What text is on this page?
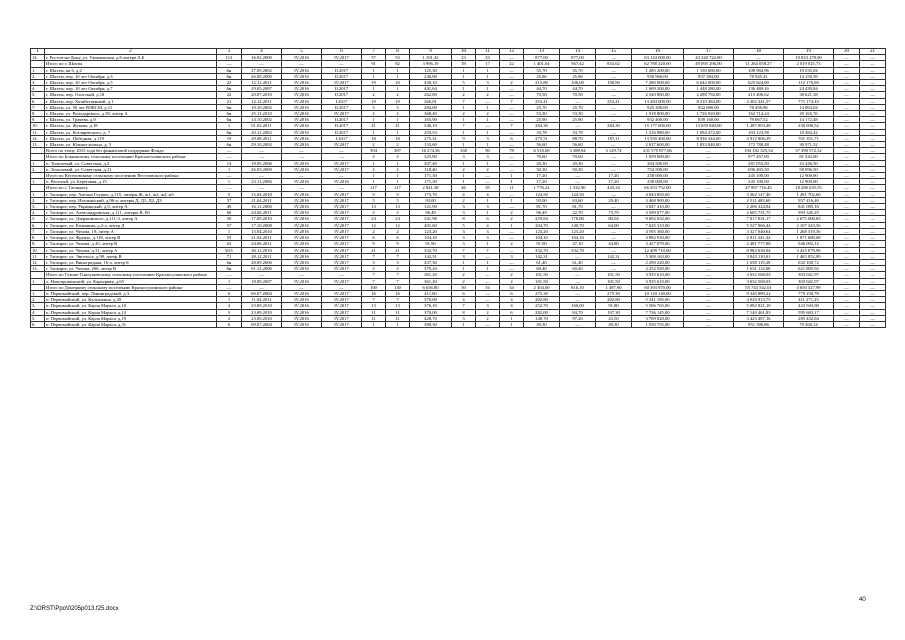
1	2	3	4	5	6	7	8	9	10	11	12	13	14	15	16	17	18	19	20	21
14.	г. Ростов-на-Дону, ул. Ульяновская, д.6 литера А,Б	112	16.02.2000	IV.2016	IV.2017	57	53	1 101,42	23	23	—	877,00	877,00	—	63 144 000,00	43 320 722,00	—	19 823 278,00	—	—
	Итого по г. Шахты	—	—	—	—	91	82	3 996,19	39	17	22	1 401,04	567,42	833,62	62 788 320,00	49 095 296,00	11 264 058,27	2 019 025,73	—	—
1.	г. Шахты, кв 6, д.2	6н	27.09.2002	IV.2016	II.2017	1	1	125,30	1	1	—	35,70	35,70	—	1 285 200,00	1 150 680,00	108 984,96	19 535,04	—	—
2.	г. Шахты, пер. 10 лет Октября, д.3	6н	26.09.2000	IV.2016	II.2017	1	1	246,00	1	1	—	25,86	25,86	—	930 960,00	837 584,00	78 945,41	14 150,59	—	—
3.	г. Шахты, пер. 10 лет Октября, д.5	22	12.12.2011	IV.2016	IV.2017	19	10	430,10	5	3	2	215,80	106,00	108,80	7 280 000,00	6 642 000,00	625 824,00	112 176,00	—	—
4.	г. Шахты, пер. 10 лет Октября, д.7	6н	29.05.2007	IV.2016	II.2017	1	1	441,64	1	1	—	44,70	44,70	—	1 609 200,00	1 448 280,00	136 480,16	24 439,84	—	—
5.	г. Шахты, пер. Охотский, д.18	22	20.07.2010	IV.2016	II.2017	2	2	262,80	2	2	—	70,58	70,58	—	2 540 880,00	2 288 792,00	215 406,62	38 621,38	—	—
6.	г. Шахты, пер. Хозяйственный, д.1	21	12.12.2011	IV.2016	I.2017	19	19	266,01	7	—	7	253,41	—	253,41	13 284 000,00	8 210 484,00	4 302 341,57	771 174,43	—	—
7.	г. Шахты, ул. 50 лет ВЛКСМ, д.11	6н	10.10.2002	IV.2016	II.2017	3	3	284,00	1	1	—	25,70	25,70	—	925 200,00	832 680,00	78 456,96	14 063,04	—	—
8.	г. Шахты, ул. Володарского, д.59, литер А	6н	25.11.2010	IV.2016	IV.2017	2	2	368,40	2	2	—	53,30	53,30	—	1 918 800,00	1 726 920,00	162 714,24	29 165,76	—	—
9.	г. Шахты, ул. Грачева, д.9	6н	14.10.2002	IV.2016	II.2017	1	1	165,90	1	1	—	25,90	25,90	—	932 400,00	839 160,00	79 067,52	14 172,48	—	—
10.	г. Шахты, ул. Жукова, д.18	1	01.02.2011	IV.2016	II.2017	21	21	546,10	7	—	7	284,30	—	284,30	15 177 600,00	13 659 840,00	1 287 003,48	230 696,52	—	—
11.	г. Шахты, ул. Котляревского, д. 7	6н	20.11.2002	IV.2016	II.2017	1	1	259,53	1	1	—	33,78	33,78	—	1 216 080,00	1 094 472,00	103 123,58	18 484,42	—	—
12.	г. Шахты, ул. Победная, д.119	19	29.08.2011	IV.2016	I.2017	18	18	275,31	9	3	6	275,51	88,70	187,11	13 550 400,00	8 936 344,00	3 912 806,29	701 351,71	—	—
13.	г. Шахты, ул. Южное кольцо, д. 3	6н	29.10.2002	IV.2016	IV.2017	2	2	133,60	1	1	—	56,60	56,60	—	2 037 600,00	1 833 840,00	172 788,48	30 971,52	—	—
	Всего по этапу 2015 года без финансовой поддержки Фонда	—	—	—	—	394	387	16 274,36	168	90	78	6 518,68	3 388,94	3 129,74	231 575 877,86	—	194 182 325,54	37 390 572,32	—	—
	Итого по Бокковскому сельскому поселению Красносулинского района	—	—	—	—	3	3	325,80	3	3	—	70,60	70,60	—	1 059 000,00	—	977 457,00	81 543,00	—	—
1.	п. Тополевый, ул. Советская, д.2	14	18.05.2006	IV.2016	IV.2017	1	1	207,40	1	1	—	20,30	20,30	—	304 500,00	—	281 053,50	23 446,50	—	—
2.	п. Тополевый, ул. Советская, д.21	1	26.03.2009	IV.2016	IV.2017	2	2	118,40	2	2	—	50,30	50,30	—	754 500,00	—	696 403,50	58 096,50	—	—
	Итого по Веселовскому сельскому поселению Веселовского района	—	—	—	—	1	1	171,30	1	—	1	17,20	—	17,20	258 000,00	—	245 100,00	12 900,00	—	—
1.	п. Веселый, ул. Береговая, д.15	1	23.11.2006	IV.2016	IV.2016	1	1	171,30	1	—	1	17,20	—	17,20	258 000,00	—	245 100,00	12 900,00	—	—
	Итого по г. Таганрогу	—	—	—	—	117	117	2 841,38	46	35	11	1 776,24	1 332,90	443,34	66 253 752,00	—	47 967 716,45	18 286 035,55	—	—
1.	г. Таганрог, пер. Антона Глушко, д.115, литеры Ж, ж1, ж2, ж4, ж5	5	15.04.2010	IV.2016	IV.2017	9	9	173,70	4	4	—	124,50	124,50	—	4 643 850,00	—	3 362 147,40	1 281 702,60	—	—
2.	г. Таганрог, пер. Итальянский, д.96-а, литеры Д, Д1, Д2, Д3	57	21.04.2011	IV.2016	IV.2017	5	5	93,00	2	1	1	93,00	63,60	29,40	3 468 900,00	—	2 511 483,60	957 416,40	—	—
3.	г. Таганрог, пер. Украинский, д.9, литер А	49	16.11.2000	IV.2016	IV.2017	13	13	121,90	3	3	—	81,70	81,70	—	3 047 410,00	—	2 206 324,84	841 085,16	—	—
4.	г. Таганрог, ул. Александровская, д.111, литеры В, В1	60	24.06.2011	IV.2016	IV.2017	3	3	96,49	3	1	2	96,49	22,70	73,79	3 599 077,00	—	2 605 731,75	993 345,25	—	—
5.	г. Таганрог, ул. Дзержинского, д.111-3, литер А	50	17.09.2010	IV.2016	IV.2017	24	24	341,98	8	6	2	259,84	178,80	80,04	9 692 032,00	—	7 017 031,17	2 675 000,83	—	—
6.	г. Таганрог, ул. Калинина, д.2-а, литер Д	57	17.10.2008	IV.2016	IV.2017	12	12	401,60	5	4	1	204,70	140,70	64,00	7 635 310,00	—	5 527 966,44	2 107 343,56	—	—
7.	г. Таганрог, ул. Чехова, 19, литер А	1	15.04.2010	IV.2016	IV.2017	2	2	123,20	3	3	—	123,20	123,20	—	4 595 360,00	—	3 327 040,64	1 268 319,36	—	—
8.	г. Таганрог, ул. Фрунзе, д.118, литер В	55	21.04.2011	IV.2016	IV.2017	6	6	104,10	3	3	—	104,10	104,10	—	3 882 930,00	—	2 811 241,32	1 071 688,68	—	—
9.	г. Таганрог, ул. Чехова, д.30, литер В	62	24.06.2011	IV.2016	IV.2017	9	9	91,90	3	1	2	91,90	47,10	44,80	3 427 870,00	—	2 481 777,88	946 092,12	—	—
10.	г. Таганрог, ул. Чехова, д.31, литер А	50/1	30.11.2010	IV.2016	IV.2017	21	21	332,70	7	7	—	332,70	332,70	—	12 409 710,00	—	8 984 630,04	3 425 079,96	—	—
11.	г. Таганрог, ул. Энгельса, д.98, литер В	71	28.12.2011	IV.2016	IV.2017	7	7	142,31	3	—	3	142,31	—	142,31	5 308 163,00	—	3 843 110,01	1 465 052,99	—	—
12.	г. Таганрог, ул. Виноградная, 16-а, литер Б	6н	28.09.2006	IV.2016	IV.2017	3	3	437,30	1	1	—	61,40	61,40	—	2 290 220,00	—	1 658 119,28	632 100,72	—	—
13.	г. Таганрог, ул. Чехова, 290, литер В	6н	01.12.2006	IV.2016	IV.2017	3	3	379,20	1	1	—	60,40	60,40	—	2 252 920,00	—	1 631 114,08	621 805,92	—	—
	Итого по Гуково-Гнилушевскому сельскому поселению Красносулинского района	—	—	—	—	7	7	361,20	2	—	2	101,50	—	101,50	3 935 610,00	—	3 632 568,03	303 041,97	—	—
1.	х. Новопроменский, ул. Карьерная, д.65	1	18.09.2007	IV.2016	IV.2017	7	7	361,20	2	—	2	101,50	—	101,50	3 935 610,00	—	3 632 568,03	303 041,97	—	—
	Итого по Донецкому сельскому поселению Красносулинского района	—	—	—	—	100	130	6 636,80	50	16	34	2 304,00	816,10	1 487,90	60 393 870,00	—	55 743 542,01	4 650 327,99	—	—
1.	п. Первомайский, пер. Ленинградский, д.3	6	06.07.2004	IV.2016	IV.2017	16	16	411,60	6	—	6	275,30	—	275,30	10 120 140,00	—	9 340 889,22	779 250,78	—	—
2.	п. Первомайский, ул. Калушкина, д.20	1	11.04.2011	IV.2016	IV.2017	7	7	376,00	4	—	4	202,80	—	202,80	5 341 185,00	—	4 929 913,75	411 271,25	—	—
3.	п. Первомайский, ул. Карла Маркса, д.10	4	23.09.2010	IV.2016	IV.2017	13	13	376,10	7	3	4	252,70	160,00	91,80	5 506 765,00	—	5 082 821,10	423 943,90	—	—
4.	п. Первомайский, ул. Карла Маркса, д.14	3	23.09.2010	IV.2016	IV.2017	11	11	370,00	8	2	6	282,00	84,70	197,30	7 736 145,00	—	7 140 461,83	595 683,17	—	—
5.	п. Первомайский, ул. Карла Маркса, д.19	2	23.09.2010	IV.2016	IV.2017	11	11	428,70	3	2	1	140,70	97,20	43,50	3 709 020,00	—	3 423 487,16	285 432,84	—	—
6.	п. Первомайский, ул. Карла Маркса, д.31	6	09.07.2004	IV.2016	IV.2017	1	1	388,30	1	—	1	49,30	—	49,30	1 030 755,00	—	951 386,86	79 368,14	—	—
40
Z:\ORST\Ppo\0205p013.f25.docx
